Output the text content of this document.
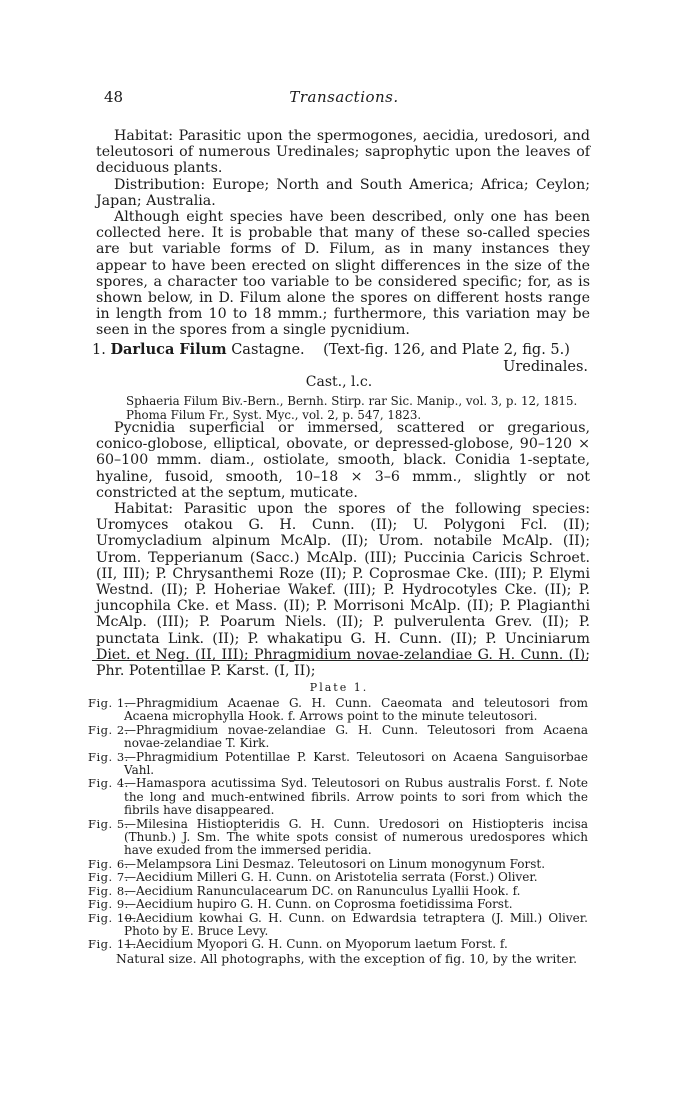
48	Transactions.

Habitat: Parasitic upon the spermogones, aecidia, uredosori, and teleutosori of numerous Uredinales; saprophytic upon the leaves of deciduous plants.

Distribution: Europe; North and South America; Africa; Ceylon; Japan; Australia.

Although eight species have been described, only one has been collected here. It is probable that many of these so-called species are but variable forms of D. Filum, as in many instances they appear to have been erected on slight differences in the size of the spores, a character too variable to be considered specific; for, as is shown below, in D. Filum alone the spores on different hosts range in length from 10 to 18 mmm.; furthermore, this variation may be seen in the spores from a single pycnidium.

1. Darluca Filum Castagne. (Text-fig. 126, and Plate 2, fig. 5.)
Uredinales.
Cast., l.c.
Sphaeria Filum Biv.-Bern., Bernh. Stirp. rar Sic. Manip., vol. 3, p. 12, 1815.
Phoma Filum Fr., Syst. Myc., vol. 2, p. 547, 1823.

Pycnidia superficial or immersed, scattered or gregarious, conico-globose, elliptical, obovate, or depressed-globose, 90–120 × 60–100 mmm. diam., ostiolate, smooth, black. Conidia 1-septate, hyaline, fusoid, smooth, 10–18 × 3–6 mmm., slightly or not constricted at the septum, muticate.

Habitat: Parasitic upon the spores of the following species: Uromyces otakou G. H. Cunn. (II); U. Polygoni Fcl. (II); Uromycladium alpinum McAlp. (II); Urom. notabile McAlp. (II); Urom. Tepperianum (Sacc.) McAlp. (III); Puccinia Caricis Schroet. (II, III); P. Chrysanthemi Roze (II); P. Coprosmae Cke. (III); P. Elymi Westnd. (II); P. Hoheriae Wakef. (III); P. Hydrocotyles Cke. (II); P. juncophila Cke. et Mass. (II); P. Morrisoni McAlp. (II); P. Plagianthi McAlp. (III); P. Poarum Niels. (II); P. pulverulenta Grev. (II); P. punctata Link. (II); P. whakatipu G. H. Cunn. (II); P. Unciniarum Diet. et Neg. (II, III); Phragmidium novae-zelandiae G. H. Cunn. (I); Phr. Potentillae P. Karst. (I, II);

Plate 1.
Fig. 1.
—Phragmidium Acaenae G. H. Cunn. Caeomata and teleutosori from Acaena microphylla Hook. f. Arrows point to the minute teleutosori.
Fig. 2.
—Phragmidium novae-zelandiae G. H. Cunn. Teleutosori from Acaena novae-zelandiae T. Kirk.
Fig. 3.
—Phragmidium Potentillae P. Karst. Teleutosori on Acaena Sanguisorbae Vahl.
Fig. 4.
—Hamaspora acutissima Syd. Teleutosori on Rubus australis Forst. f. Note the long and much-entwined fibrils. Arrow points to sori from which the fibrils have disappeared.
Fig. 5.
—Milesina Histiopteridis G. H. Cunn. Uredosori on Histiopteris incisa (Thunb.) J. Sm. The white spots consist of numerous uredospores which have exuded from the immersed peridia.
Fig. 6.
—Melampsora Lini Desmaz. Teleutosori on Linum monogynum Forst.
Fig. 7.
—Aecidium Milleri G. H. Cunn. on Aristotelia serrata (Forst.) Oliver.
Fig. 8.
—Aecidium Ranunculacearum DC. on Ranunculus Lyallii Hook. f.
Fig. 9.
—Aecidium hupiro G. H. Cunn. on Coprosma foetidissima Forst.
Fig. 10.
—Aecidium kowhai G. H. Cunn. on Edwardsia tetraptera (J. Mill.) Oliver. Photo by E. Bruce Levy.
Fig. 11.
—Aecidium Myopori G. H. Cunn. on Myoporum laetum Forst. f.
Natural size. All photographs, with the exception of fig. 10, by the writer.
